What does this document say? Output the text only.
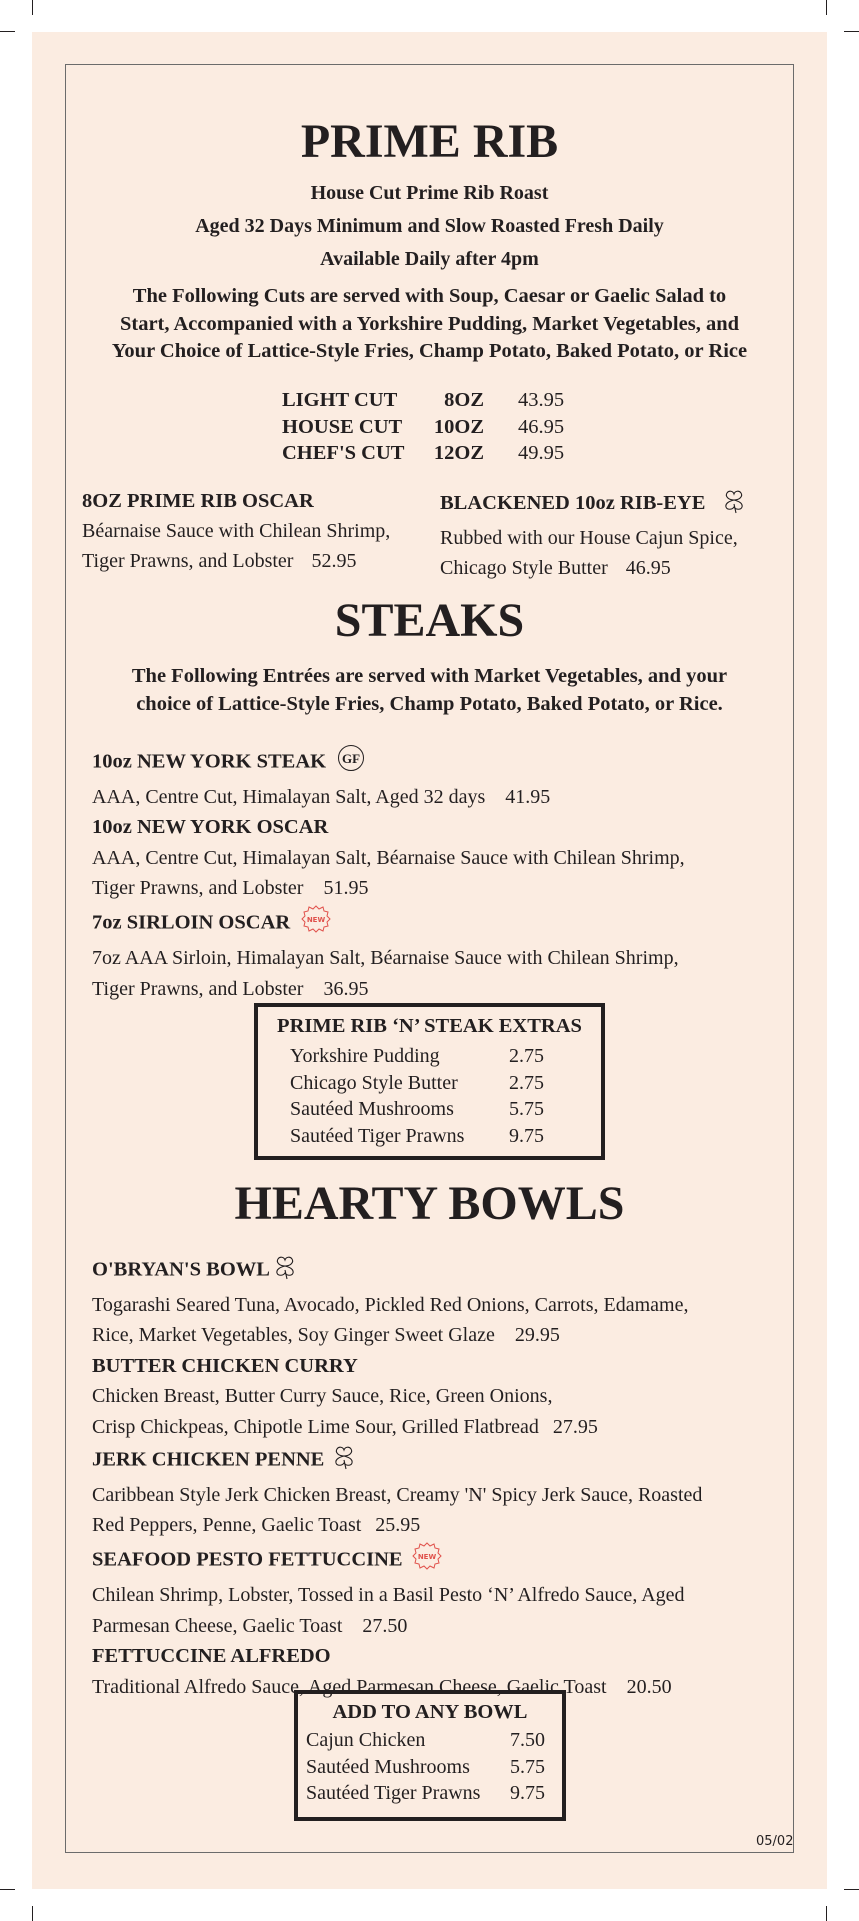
PRIME RIB
House Cut Prime Rib Roast
Aged 32 Days Minimum and Slow Roasted Fresh Daily
Available Daily after 4pm
The Following Cuts are served with Soup, Caesar or Gaelic Salad to
Start, Accompanied with a Yorkshire Pudding, Market Vegetables, and
Your Choice of Lattice-Style Fries, Champ Potato, Baked Potato, or Rice
LIGHT CUT
HOUSE CUT
CHEF'S CUT
8OZ
10OZ
12OZ
43.95
46.95
49.95
8OZ PRIME RIB OSCAR
Béarnaise Sauce with Chilean Shrimp,
Tiger Prawns, and Lobster 52.95
BLACKENED 10oz RIB-EYE
Rubbed with our House Cajun Spice,
Chicago Style Butter 46.95
STEAKS
The Following Entrées are served with Market Vegetables, and your
choice of Lattice-Style Fries, Champ Potato, Baked Potato, or Rice.
10oz NEW YORK STEAK GF
AAA, Centre Cut, Himalayan Salt, Aged 32 days 41.95
10oz NEW YORK OSCAR
AAA, Centre Cut, Himalayan Salt, Béarnaise Sauce with Chilean Shrimp,
Tiger Prawns, and Lobster 51.95
7oz SIRLOIN OSCAR NEW
7oz AAA Sirloin, Himalayan Salt, Béarnaise Sauce with Chilean Shrimp,
Tiger Prawns, and Lobster 36.95
PRIME RIB ‘N’ STEAK EXTRAS
Yorkshire Pudding
Chicago Style Butter
Sautéed Mushrooms
Sautéed Tiger Prawns
2.75
2.75
5.75
9.75
HEARTY BOWLS
O'BRYAN'S BOWL
Togarashi Seared Tuna, Avocado, Pickled Red Onions, Carrots, Edamame,
Rice, Market Vegetables, Soy Ginger Sweet Glaze 29.95
BUTTER CHICKEN CURRY
Chicken Breast, Butter Curry Sauce, Rice, Green Onions,
Crisp Chickpeas, Chipotle Lime Sour, Grilled Flatbread 27.95
JERK CHICKEN PENNE
Caribbean Style Jerk Chicken Breast, Creamy 'N' Spicy Jerk Sauce, Roasted
Red Peppers, Penne, Gaelic Toast 25.95
SEAFOOD PESTO FETTUCCINE NEW
Chilean Shrimp, Lobster, Tossed in a Basil Pesto ‘N’ Alfredo Sauce, Aged
Parmesan Cheese, Gaelic Toast 27.50
FETTUCCINE ALFREDO
Traditional Alfredo Sauce, Aged Parmesan Cheese, Gaelic Toast 20.50
ADD TO ANY BOWL
Cajun Chicken
Sautéed Mushrooms
Sautéed Tiger Prawns
7.50
5.75
9.75
05/02
